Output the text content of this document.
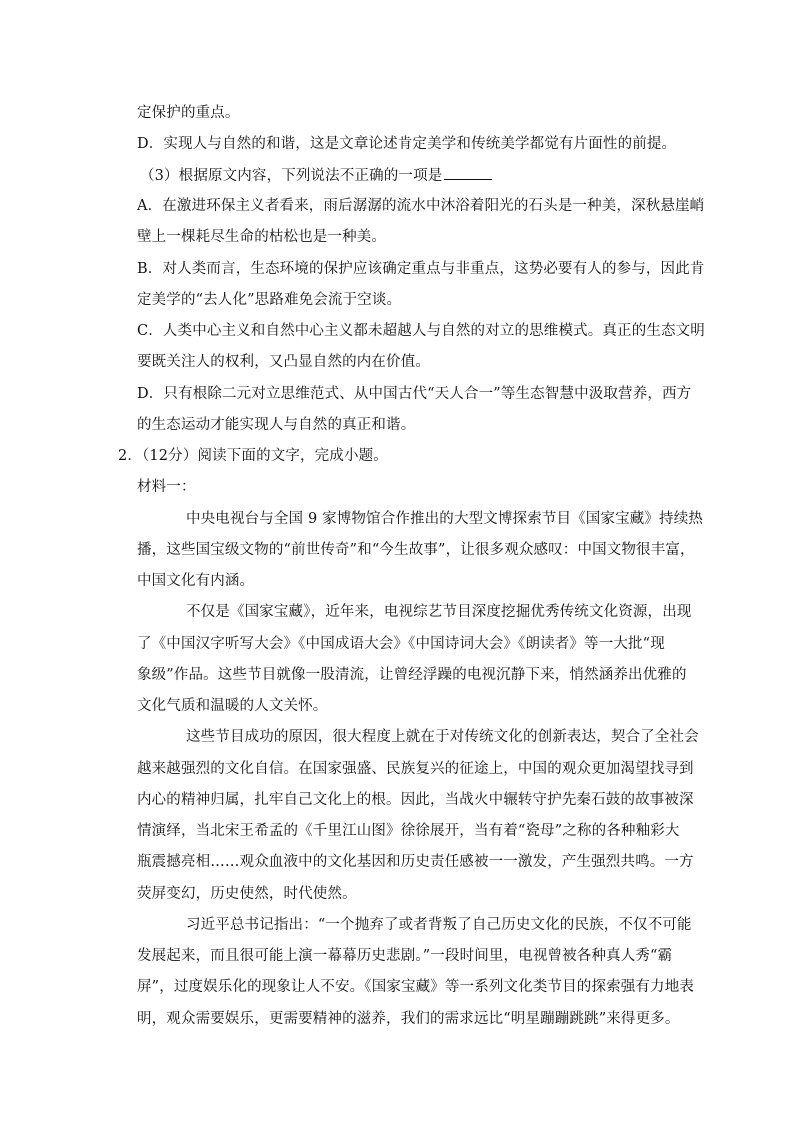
定保护的重点。
D．实现人与自然的和谐，这是文章论述肯定美学和传统美学都觉有片面性的前提。
（3）根据原文内容，下列说法不正确的一项是
A．在激进环保主义者看来，雨后潺潺的流水中沐浴着阳光的石头是一种美，深秋悬崖峭
壁上一棵耗尽生命的枯松也是一种美。
B．对人类而言，生态环境的保护应该确定重点与非重点，这势必要有人的参与，因此肯
定美学的“去人化”思路难免会流于空谈。
C．人类中心主义和自然中心主义都未超越人与自然的对立的思维模式。真正的生态文明
要既关注人的权利，又凸显自然的内在价值。
D．只有根除二元对立思维范式、从中国古代“天人合一”等生态智慧中汲取营养，西方
的生态运动才能实现人与自然的真正和谐。
2．（12分）阅读下面的文字，完成小题。
材料一：
中央电视台与全国 9 家博物馆合作推出的大型文博探索节目《国家宝藏》持续热
播，这些国宝级文物的“前世传奇”和“今生故事”，让很多观众感叹：中国文物很丰富，
中国文化有内涵。
不仅是《国家宝藏》，近年来，电视综艺节目深度挖掘优秀传统文化资源，出现
了《中国汉字听写大会》《中国成语大会》《中国诗词大会》《朗读者》等一大批“现
象级”作品。这些节目就像一股清流，让曾经浮躁的电视沉静下来，悄然涵养出优雅的
文化气质和温暖的人文关怀。
这些节目成功的原因，很大程度上就在于对传统文化的创新表达，契合了全社会
越来越强烈的文化自信。在国家强盛、民族复兴的征途上，中国的观众更加渴望找寻到
内心的精神归属，扎牢自己文化上的根。因此，当战火中辗转守护先秦石鼓的故事被深
情演绎，当北宋王希孟的《千里江山图》徐徐展开，当有着“瓷母”之称的各种釉彩大
瓶震撼亮相……观众血液中的文化基因和历史责任感被一一激发，产生强烈共鸣。一方
荧屏变幻，历史使然，时代使然。
习近平总书记指出：“一个抛弃了或者背叛了自己历史文化的民族，不仅不可能
发展起来，而且很可能上演一幕幕历史悲剧。”一段时间里，电视曾被各种真人秀“霸
屏”，过度娱乐化的现象让人不安。《国家宝藏》等一系列文化类节目的探索强有力地表
明，观众需要娱乐，更需要精神的滋养，我们的需求远比“明星蹦蹦跳跳”来得更多。
